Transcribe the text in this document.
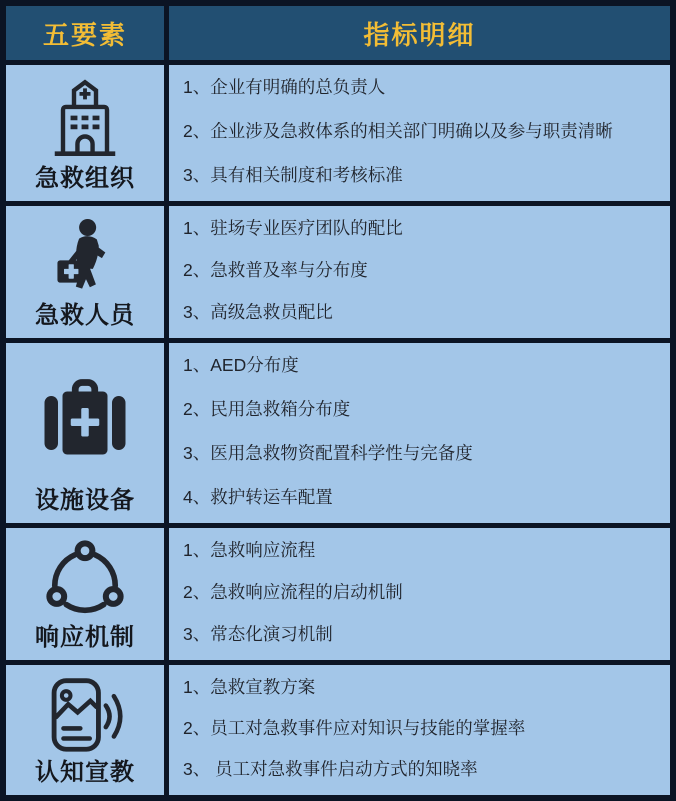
五要素	指标明细
急救组织
1、企业有明确的总负责人
2、企业涉及急救体系的相关部门明确以及参与职责清晰
3、具有相关制度和考核标准
急救人员
1、驻场专业医疗团队的配比
2、急救普及率与分布度
3、高级急救员配比
设施设备
1、AED分布度
2、民用急救箱分布度
3、医用急救物资配置科学性与完备度
4、救护转运车配置
响应机制
1、急救响应流程
2、急救响应流程的启动机制
3、常态化演习机制
认知宣教
1、急救宣教方案
2、员工对急救事件应对知识与技能的掌握率
3、 员工对急救事件启动方式的知晓率
